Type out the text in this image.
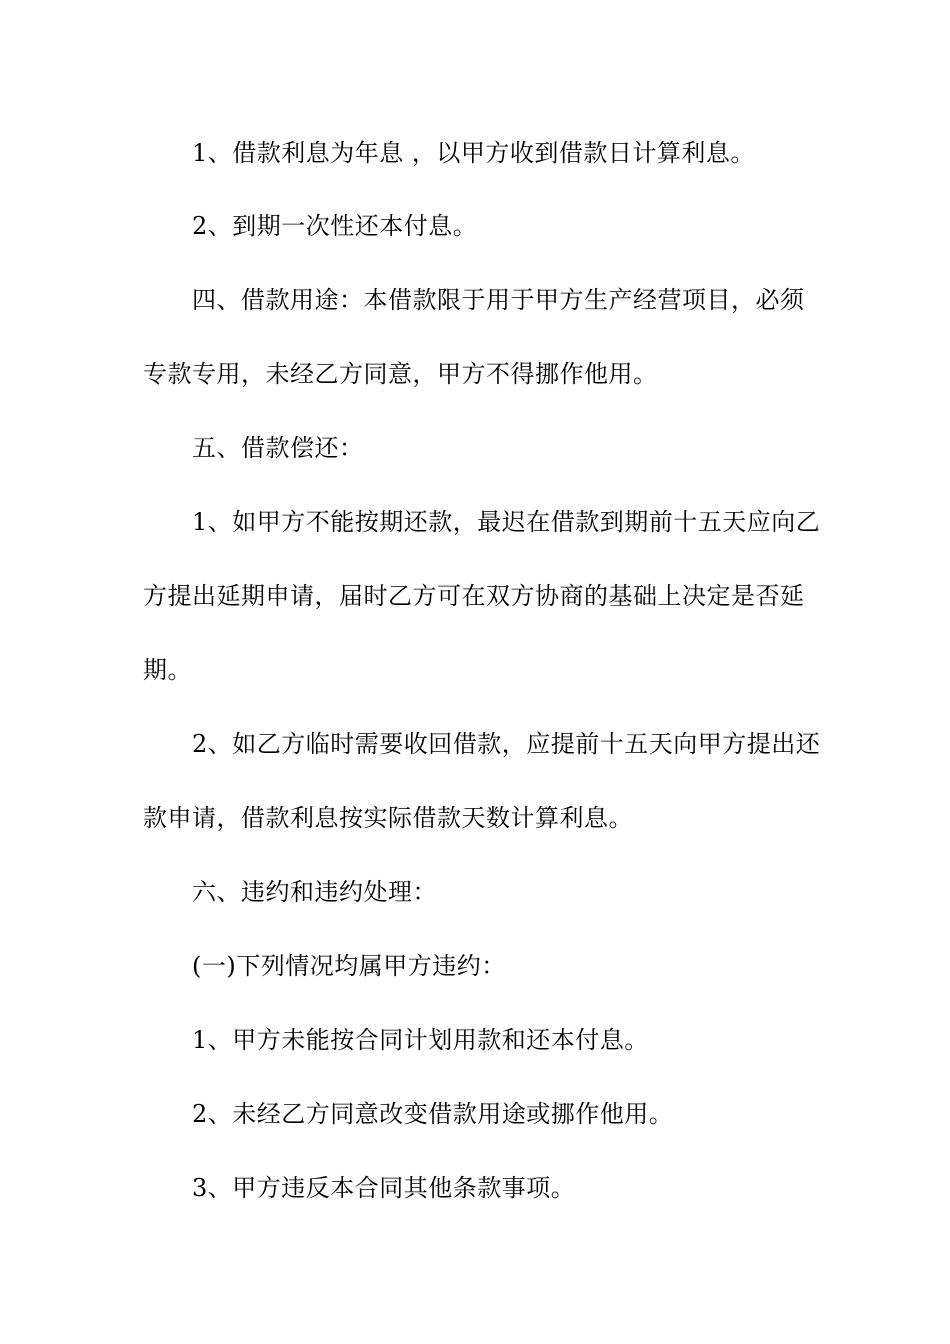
1、借款利息为年息 ，以甲方收到借款日计算利息。
2、到期一次性还本付息。
四、借款用途：本借款限于用于甲方生产经营项目，必须
专款专用，未经乙方同意，甲方不得挪作他用。
五、借款偿还：
1、如甲方不能按期还款，最迟在借款到期前十五天应向乙
方提出延期申请，届时乙方可在双方协商的基础上决定是否延
期。
2、如乙方临时需要收回借款，应提前十五天向甲方提出还
款申请，借款利息按实际借款天数计算利息。
六、违约和违约处理：
(一)下列情况均属甲方违约：
1、甲方未能按合同计划用款和还本付息。
2、未经乙方同意改变借款用途或挪作他用。
3、甲方违反本合同其他条款事项。
